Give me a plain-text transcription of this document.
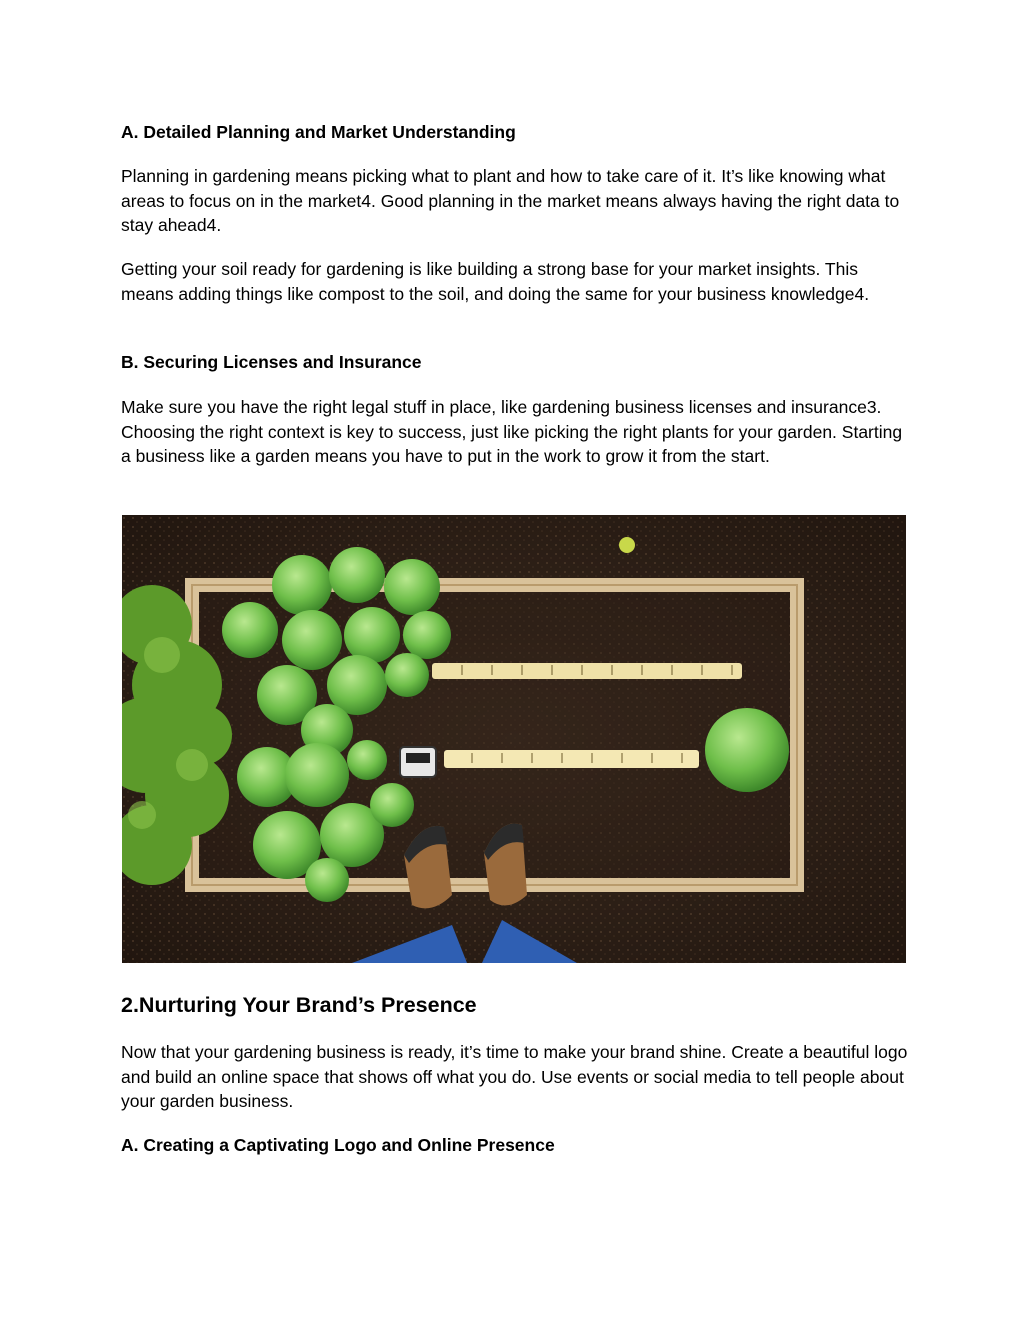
A. Detailed Planning and Market Understanding

Planning in gardening means picking what to plant and how to take care of it. It’s like knowing what areas to focus on in the market4. Good planning in the market means always having the right data to stay ahead4.

Getting your soil ready for gardening is like building a strong base for your market insights. This means adding things like compost to the soil, and doing the same for your business knowledge4.

B. Securing Licenses and Insurance

Make sure you have the right legal stuff in place, like gardening business licenses and insurance3. Choosing the right context is key to success, just like picking the right plants for your garden. Starting a business like a garden means you have to put in the work to grow it from the start.

2.Nurturing Your Brand’s Presence

Now that your gardening business is ready, it’s time to make your brand shine. Create a beautiful logo and build an online space that shows off what you do. Use events or social media to tell people about your garden business.

A. Creating a Captivating Logo and Online Presence
